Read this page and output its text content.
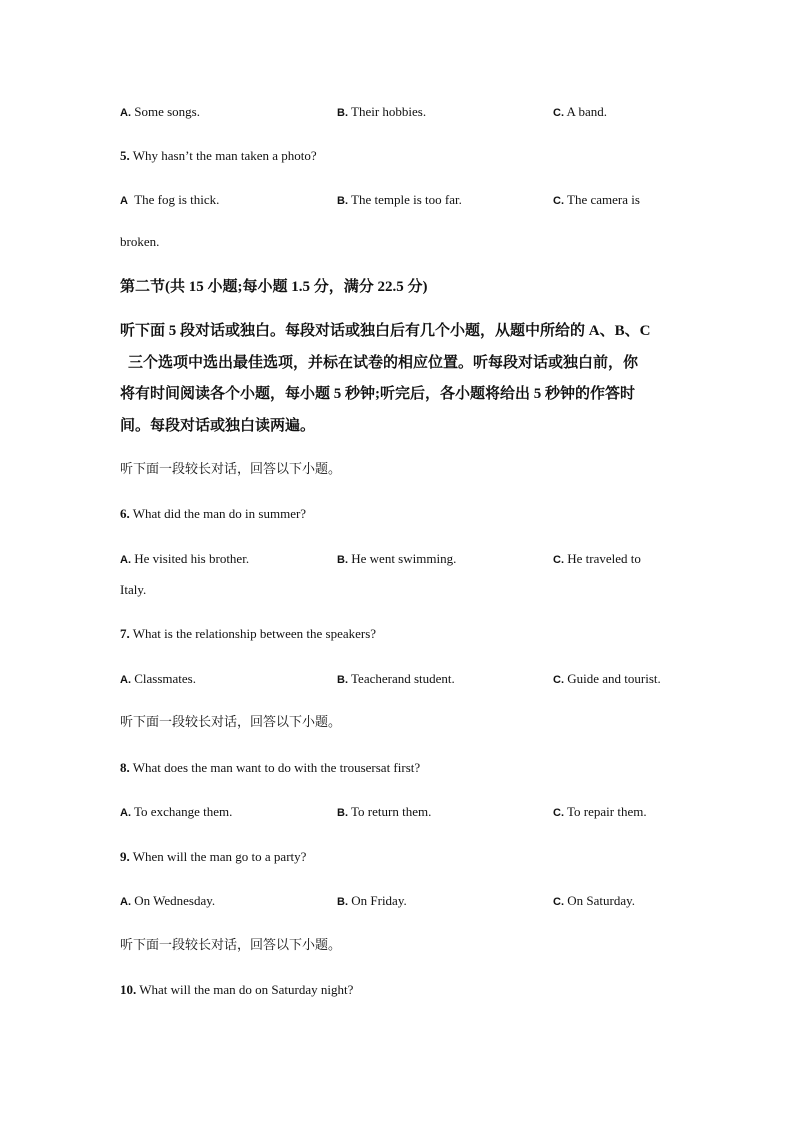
A. Some songs.	B. Their hobbies.	C. A band.
5. Why hasn’t the man taken a photo?
A The fog is thick.	B. The temple is too far.	C. The camera is
broken.
第二节(共 15 小题;每小题 1.5 分，满分 22.5 分)

听下面 5 段对话或独白。每段对话或独白后有几个小题，从题中所给的 A、B、C

三个选项中选出最佳选项，并标在试卷的相应位置。听每段对话或独白前，你

将有时间阅读各个小题，每小题 5 秒钟;听完后，各小题将给出 5 秒钟的作答时

间。每段对话或独白读两遍。

听下面一段较长对话，回答以下小题。
6. What did the man do in summer?
A. He visited his brother.	B. He went swimming.	C. He traveled to
Italy.
7. What is the relationship between the speakers?
A. Classmates.	B. Teacherand student.	C. Guide and tourist.
听下面一段较长对话，回答以下小题。
8. What does the man want to do with the trousersat first?
A. To exchange them.	B. To return them.	C. To repair them.
9. When will the man go to a party?
A. On Wednesday.	B. On Friday.	C. On Saturday.
听下面一段较长对话，回答以下小题。
10. What will the man do on Saturday night?
